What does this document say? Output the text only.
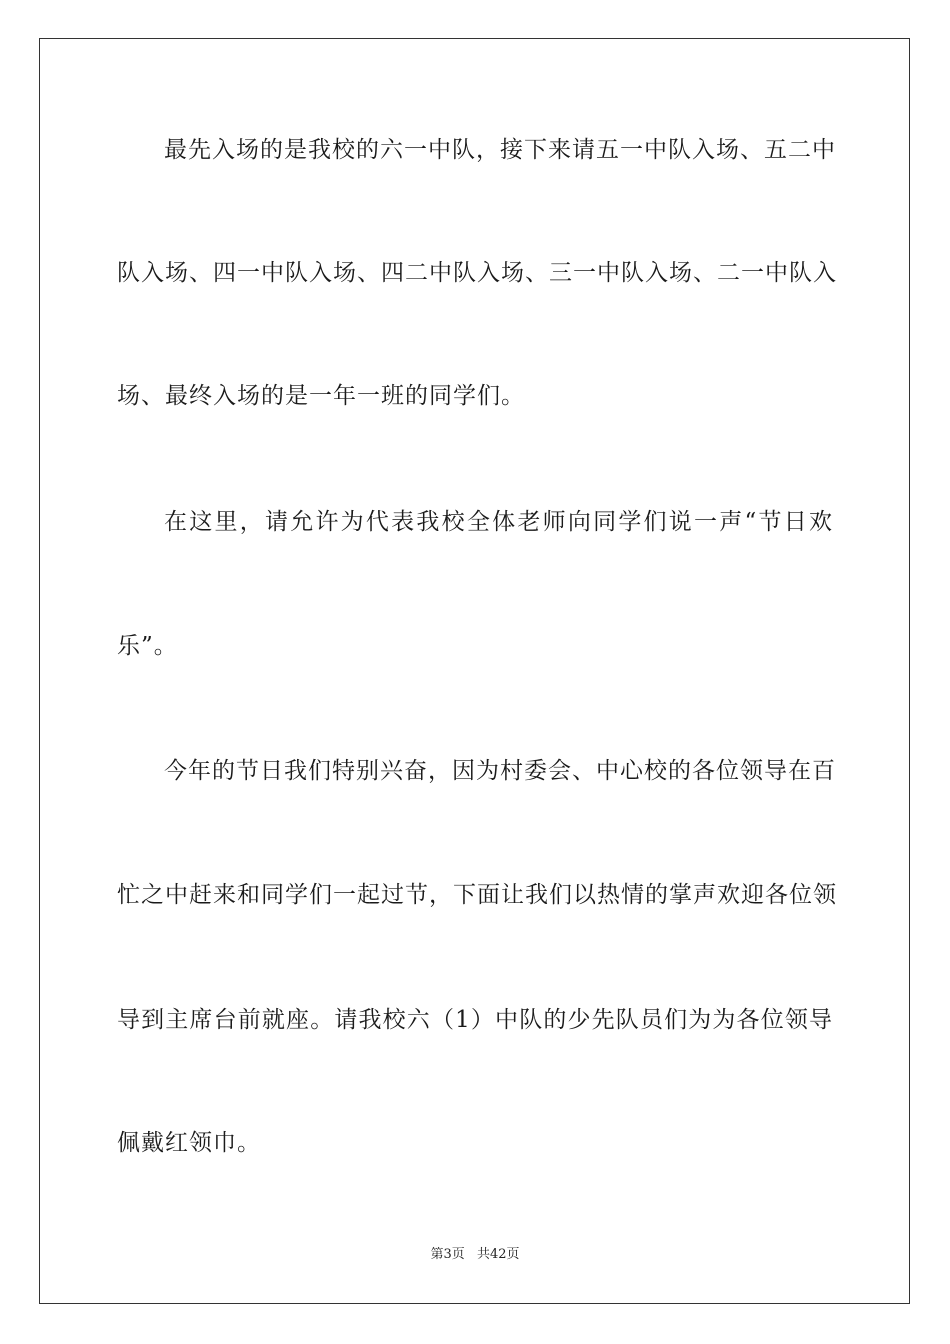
最先入场的是我校的六一中队，接下来请五一中队入场、五二中
队入场、四一中队入场、四二中队入场、三一中队入场、二一中队入
场、最终入场的是一年一班的同学们。
在这里，请允许为代表我校全体老师向同学们说一声“节日欢
乐”。
今年的节日我们特别兴奋，因为村委会、中心校的各位领导在百
忙之中赶来和同学们一起过节，下面让我们以热情的掌声欢迎各位领
导到主席台前就座。请我校六（1）中队的少先队员们为为各位领导
佩戴红领巾。
第3页 共42页
